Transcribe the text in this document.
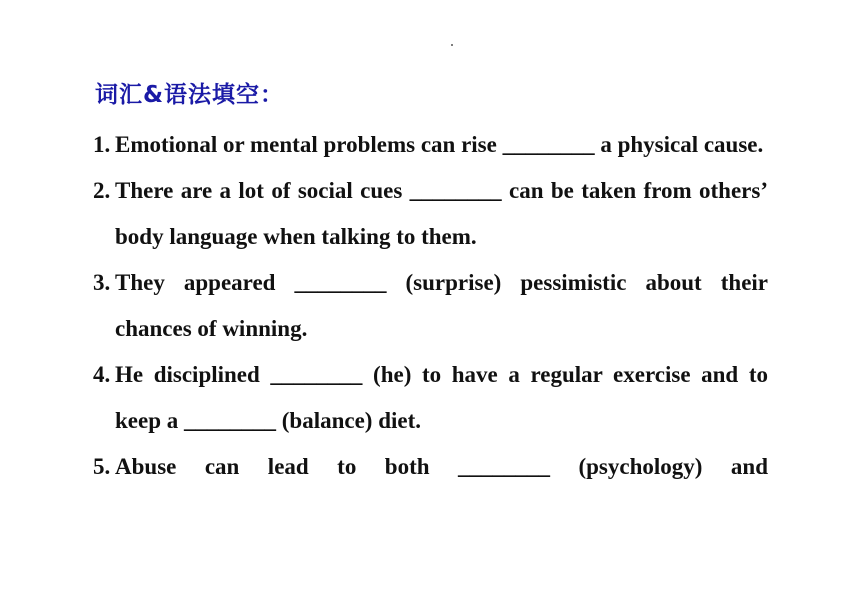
词汇&语法填空：
1. Emotional or mental problems can rise ________ a physical cause.
2. There are a lot of social cues ________ can be taken from others’ body language when talking to them.
3. They appeared ________ (surprise) pessimistic about their chances of winning.
4. He disciplined ________ (he) to have a regular exercise and to keep a ________ (balance) diet.
5. Abuse can lead to both ________ (psychology) and
